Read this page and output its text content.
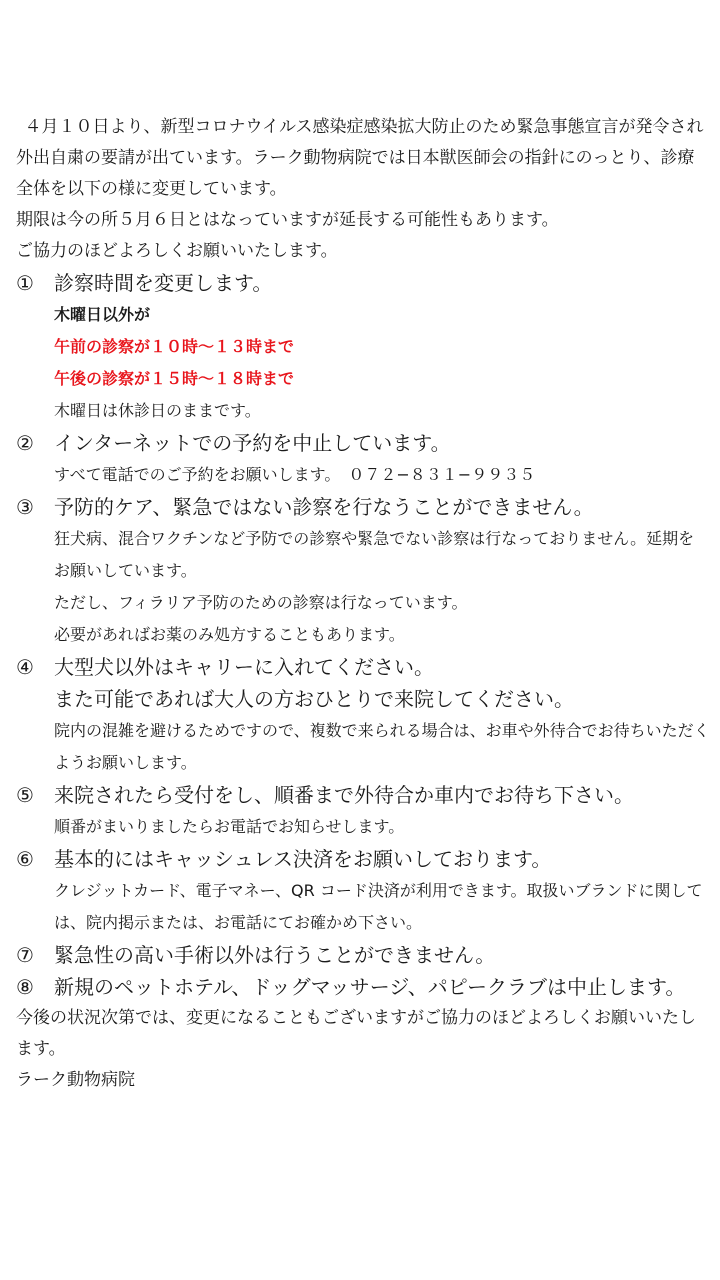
４月１０日より、新型コロナウイルス感染症感染拡大防止のため緊急事態宣言が発令され外出自粛の要請が出ています。ラーク動物病院では日本獣医師会の指針にのっとり、診療全体を以下の様に変更しています。

期限は今の所５月６日とはなっていますが延長する可能性もあります。

ご協力のほどよろしくお願いいたします。

① 診察時間を変更します。

木曜日以外が

午前の診察が１０時～１３時まで

午後の診察が１５時～１８時まで

木曜日は休診日のままです。

② インターネットでの予約を中止しています。

すべて電話でのご予約をお願いします。　０７２−８３１−９９３５

③ 予防的ケア、緊急ではない診察を行なうことができません。

狂犬病、混合ワクチンなど予防での診察や緊急でない診察は行なっておりません。延期をお願いしています。

ただし、フィラリア予防のための診察は行なっています。

必要があればお薬のみ処方することもあります。

④ 大型犬以外はキャリーに入れてください。

また可能であれば大人の方おひとりで来院してください。

院内の混雑を避けるためですので、複数で来られる場合は、お車や外待合でお待ちいただくようお願いします。

⑤ 来院されたら受付をし、順番まで外待合か車内でお待ち下さい。

順番がまいりましたらお電話でお知らせします。

⑥ 基本的にはキャッシュレス決済をお願いしております。

クレジットカード、電子マネー、QR コード決済が利用できます。取扱いブランドに関しては、院内掲示または、お電話にてお確かめ下さい。

⑦ 緊急性の高い手術以外は行うことができません。

⑧ 新規のペットホテル、ドッグマッサージ、パピークラブは中止します。

今後の状況次第では、変更になることもございますがご協力のほどよろしくお願いいたします。

ラーク動物病院
